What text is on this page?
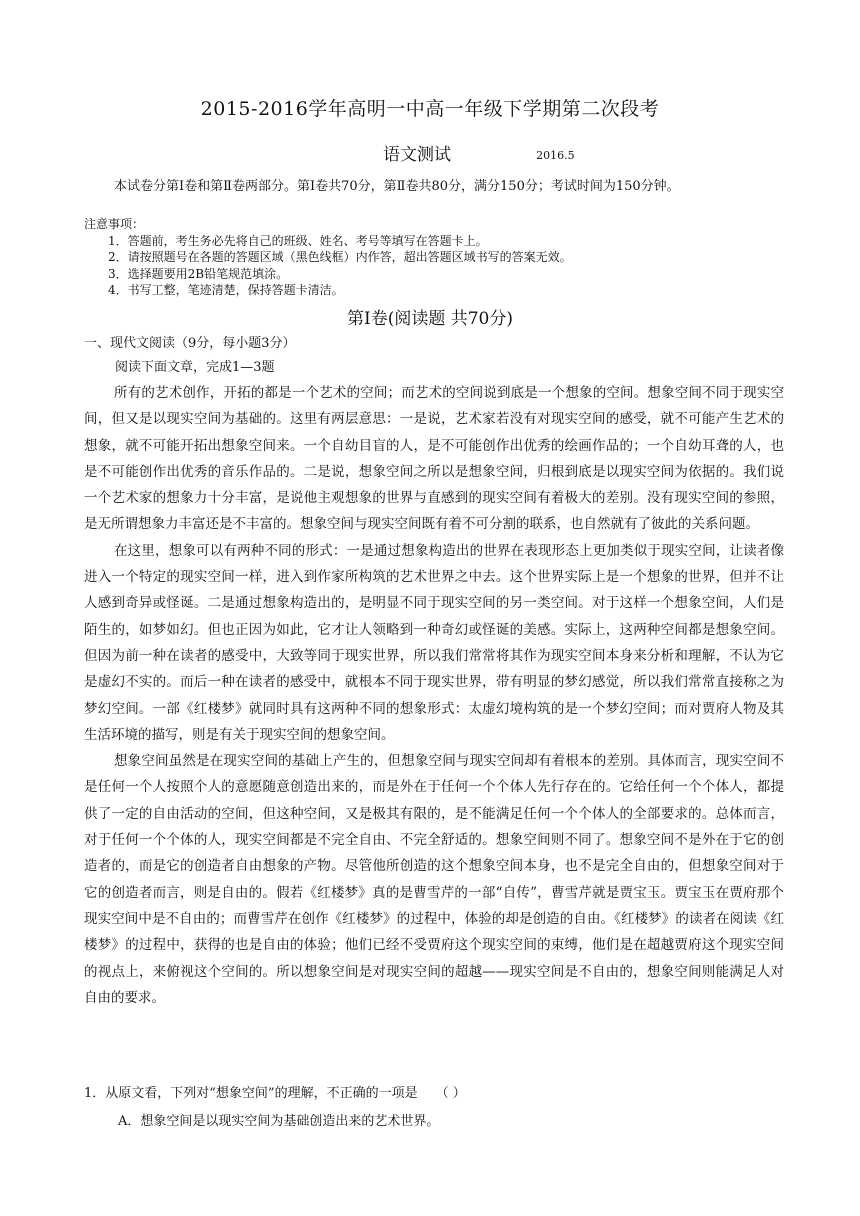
2015-2016学年高明一中高一年级下学期第二次段考
语文测试	2016.5
本试卷分第Ⅰ卷和第Ⅱ卷两部分。第Ⅰ卷共70分，第Ⅱ卷共80分，满分150分；考试时间为150分钟。
注意事项：
1．答题前，考生务必先将自己的班级、姓名、考号等填写在答题卡上。
2．请按照题号在各题的答题区域（黑色线框）内作答，超出答题区域书写的答案无效。
3．选择题要用2B铅笔规范填涂。
4．书写工整，笔迹清楚，保持答题卡清洁。
第Ⅰ卷(阅读题 共70分)
一、现代文阅读（9分，每小题3分）
阅读下面文章，完成1—3题

所有的艺术创作，开拓的都是一个艺术的空间；而艺术的空间说到底是一个想象的空间。想象空间不同于现实空间，但又是以现实空间为基础的。这里有两层意思：一是说，艺术家若没有对现实空间的感受，就不可能产生艺术的想象，就不可能开拓出想象空间来。一个自幼目盲的人，是不可能创作出优秀的绘画作品的；一个自幼耳聋的人，也是不可能创作出优秀的音乐作品的。二是说，想象空间之所以是想象空间，归根到底是以现实空间为依据的。我们说一个艺术家的想象力十分丰富，是说他主观想象的世界与直感到的现实空间有着极大的差别。没有现实空间的参照，是无所谓想象力丰富还是不丰富的。想象空间与现实空间既有着不可分割的联系，也自然就有了彼此的关系问题。

在这里，想象可以有两种不同的形式：一是通过想象构造出的世界在表现形态上更加类似于现实空间，让读者像进入一个特定的现实空间一样，进入到作家所构筑的艺术世界之中去。这个世界实际上是一个想象的世界，但并不让人感到奇异或怪诞。二是通过想象构造出的，是明显不同于现实空间的另一类空间。对于这样一个想象空间，人们是陌生的，如梦如幻。但也正因为如此，它才让人领略到一种奇幻或怪诞的美感。实际上，这两种空间都是想象空间。但因为前一种在读者的感受中，大致等同于现实世界，所以我们常常将其作为现实空间本身来分析和理解，不认为它是虚幻不实的。而后一种在读者的感受中，就根本不同于现实世界，带有明显的梦幻感觉，所以我们常常直接称之为梦幻空间。一部《红楼梦》就同时具有这两种不同的想象形式：太虚幻境构筑的是一个梦幻空间；而对贾府人物及其生活环境的描写，则是有关于现实空间的想象空间。

想象空间虽然是在现实空间的基础上产生的，但想象空间与现实空间却有着根本的差别。具体而言，现实空间不是任何一个人按照个人的意愿随意创造出来的，而是外在于任何一个个体人先行存在的。它给任何一个个体人，都提供了一定的自由活动的空间，但这种空间，又是极其有限的，是不能满足任何一个个体人的全部要求的。总体而言，对于任何一个个体的人，现实空间都是不完全自由、不完全舒适的。想象空间则不同了。想象空间不是外在于它的创造者的，而是它的创造者自由想象的产物。尽管他所创造的这个想象空间本身，也不是完全自由的，但想象空间对于它的创造者而言，则是自由的。假若《红楼梦》真的是曹雪芹的一部“自传”，曹雪芹就是贾宝玉。贾宝玉在贾府那个现实空间中是不自由的；而曹雪芹在创作《红楼梦》的过程中，体验的却是创造的自由。《红楼梦》的读者在阅读《红楼梦》的过程中，获得的也是自由的体验；他们已经不受贾府这个现实空间的束缚，他们是在超越贾府这个现实空间的视点上，来俯视这个空间的。所以想象空间是对现实空间的超越——现实空间是不自由的，想象空间则能满足人对自由的要求。

1．从原文看，下列对“想象空间”的理解，不正确的一项是 （ ）
A．想象空间是以现实空间为基础创造出来的艺术世界。
